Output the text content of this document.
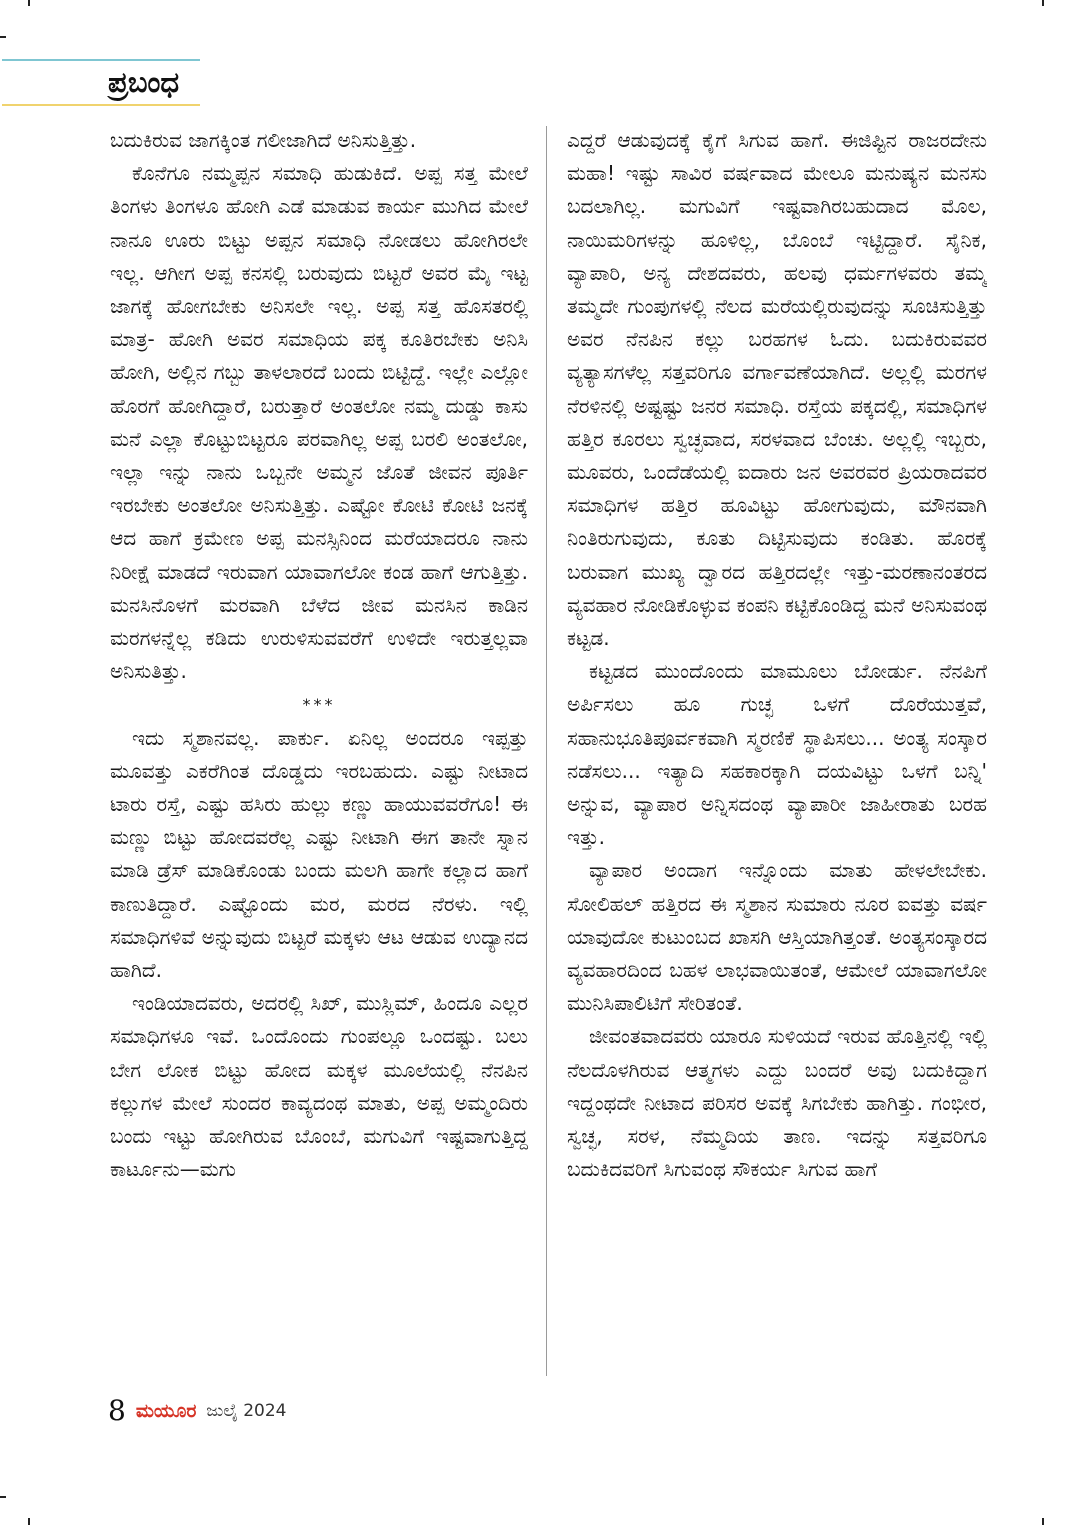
ಪ್ರಬಂಧ

ಬದುಕಿರುವ ಜಾಗಕ್ಕಿಂತ ಗಲೀಜಾಗಿದೆ ಅನಿಸುತ್ತಿತ್ತು.

ಕೊನೆಗೂ ನಮ್ಮಪ್ಪನ ಸಮಾಧಿ ಹುಡುಕಿದೆ. ಅಪ್ಪ ಸತ್ತ ಮೇಲೆ ತಿಂಗಳು ತಿಂಗಳೂ ಹೋಗಿ ಎಡೆ ಮಾಡುವ ಕಾರ್ಯ ಮುಗಿದ ಮೇಲೆ ನಾನೂ ಊರು ಬಿಟ್ಟು ಅಪ್ಪನ ಸಮಾಧಿ ನೋಡಲು ಹೋಗಿರಲೇ ಇಲ್ಲ. ಆಗೀಗ ಅಪ್ಪ ಕನಸಲ್ಲಿ ಬರುವುದು ಬಿಟ್ಟರೆ ಅವರ ಮೈ ಇಟ್ಟ ಜಾಗಕ್ಕೆ ಹೋಗಬೇಕು ಅನಿಸಲೇ ಇಲ್ಲ. ಅಪ್ಪ ಸತ್ತ ಹೊಸತರಲ್ಲಿ ಮಾತ್ರ- ಹೋಗಿ ಅವರ ಸಮಾಧಿಯ ಪಕ್ಕ ಕೂತಿರಬೇಕು ಅನಿಸಿ ಹೋಗಿ, ಅಲ್ಲಿನ ಗಬ್ಬು ತಾಳಲಾರದೆ ಬಂದು ಬಿಟ್ಟಿದ್ದೆ. ಇಲ್ಲೇ ಎಲ್ಲೋ ಹೊರಗೆ ಹೋಗಿದ್ದಾರೆ, ಬರುತ್ತಾರೆ ಅಂತಲೋ ನಮ್ಮ ದುಡ್ಡು ಕಾಸು ಮನೆ ಎಲ್ಲಾ ಕೊಟ್ಟುಬಿಟ್ಟರೂ ಪರವಾಗಿಲ್ಲ ಅಪ್ಪ ಬರಲಿ ಅಂತಲೋ, ಇಲ್ಲಾ ಇನ್ನು ನಾನು ಒಬ್ಬನೇ ಅಮ್ಮನ ಜೊತೆ ಜೀವನ ಪೂರ್ತಿ ಇರಬೇಕು ಅಂತಲೋ ಅನಿಸುತ್ತಿತ್ತು. ಎಷ್ಟೋ ಕೋಟಿ ಕೋಟಿ ಜನಕ್ಕೆ ಆದ ಹಾಗೆ ಕ್ರಮೇಣ ಅಪ್ಪ ಮನಸ್ಸಿನಿಂದ ಮರೆಯಾದರೂ ನಾನು ನಿರೀಕ್ಷೆ ಮಾಡದೆ ಇರುವಾಗ ಯಾವಾಗಲೋ ಕಂಡ ಹಾಗೆ ಆಗುತ್ತಿತ್ತು. ಮನಸಿನೊಳಗೆ ಮರವಾಗಿ ಬೆಳೆದ ಜೀವ ಮನಸಿನ ಕಾಡಿನ ಮರಗಳನ್ನೆಲ್ಲ ಕಡಿದು ಉರುಳಿಸುವವರೆಗೆ ಉಳಿದೇ ಇರುತ್ತಲ್ಲವಾ ಅನಿಸುತಿತ್ತು.

***

ಇದು ಸ್ಮಶಾನವಲ್ಲ. ಪಾರ್ಕು. ಏನಿಲ್ಲ ಅಂದರೂ ಇಪ್ಪತ್ತು ಮೂವತ್ತು ಎಕರೆಗಿಂತ ದೊಡ್ಡದು ಇರಬಹುದು. ಎಷ್ಟು ನೀಟಾದ ಟಾರು ರಸ್ತೆ, ಎಷ್ಟು ಹಸಿರು ಹುಲ್ಲು ಕಣ್ಣು ಹಾಯುವವರೆಗೂ! ಈ ಮಣ್ಣು ಬಿಟ್ಟು ಹೋದವರೆಲ್ಲ ಎಷ್ಟು ನೀಟಾಗಿ ಈಗ ತಾನೇ ಸ್ನಾನ ಮಾಡಿ ಡ್ರೆಸ್ ಮಾಡಿಕೊಂಡು ಬಂದು ಮಲಗಿ ಹಾಗೇ ಕಲ್ಲಾದ ಹಾಗೆ ಕಾಣುತಿದ್ದಾರೆ. ಎಷ್ಟೊಂದು ಮರ, ಮರದ ನೆರಳು. ಇಲ್ಲಿ ಸಮಾಧಿಗಳಿವೆ ಅನ್ನುವುದು ಬಿಟ್ಟರೆ ಮಕ್ಕಳು ಆಟ ಆಡುವ ಉದ್ಯಾನದ ಹಾಗಿದೆ.

ಇಂಡಿಯಾದವರು, ಅದರಲ್ಲಿ ಸಿಖ್, ಮುಸ್ಲಿಮ್, ಹಿಂದೂ ಎಲ್ಲರ ಸಮಾಧಿಗಳೂ ಇವೆ. ಒಂದೊಂದು ಗುಂಪಲ್ಲೂ ಒಂದಷ್ಟು. ಬಲು ಬೇಗ ಲೋಕ ಬಿಟ್ಟು ಹೋದ ಮಕ್ಕಳ ಮೂಲೆಯಲ್ಲಿ ನೆನಪಿನ ಕಲ್ಲುಗಳ ಮೇಲೆ ಸುಂದರ ಕಾವ್ಯದಂಥ ಮಾತು, ಅಪ್ಪ ಅಮ್ಮಂದಿರು ಬಂದು ಇಟ್ಟು ಹೋಗಿರುವ ಬೊಂಬೆ, ಮಗುವಿಗೆ ಇಷ್ಟವಾಗುತ್ತಿದ್ದ ಕಾರ್ಟೂನು—ಮಗು

ಎದ್ದರೆ ಆಡುವುದಕ್ಕೆ ಕೈಗೆ ಸಿಗುವ ಹಾಗೆ. ಈಜಿಪ್ಟಿನ ರಾಜರದೇನು ಮಹಾ! ಇಷ್ಟು ಸಾವಿರ ವರ್ಷವಾದ ಮೇಲೂ ಮನುಷ್ಯನ ಮನಸು ಬದಲಾಗಿಲ್ಲ. ಮಗುವಿಗೆ ಇಷ್ಟವಾಗಿರಬಹುದಾದ ಮೊಲ, ನಾಯಿಮರಿಗಳನ್ನು ಹೂಳಿಲ್ಲ, ಬೊಂಬೆ ಇಟ್ಟಿದ್ದಾರೆ. ಸೈನಿಕ, ವ್ಯಾಪಾರಿ, ಅನ್ಯ ದೇಶದವರು, ಹಲವು ಧರ್ಮಗಳವರು ತಮ್ಮ ತಮ್ಮದೇ ಗುಂಪುಗಳಲ್ಲಿ ನೆಲದ ಮರೆಯಲ್ಲಿರುವುದನ್ನು ಸೂಚಿಸುತ್ತಿತ್ತು ಅವರ ನೆನಪಿನ ಕಲ್ಲು ಬರಹಗಳ ಓದು. ಬದುಕಿರುವವರ ವ್ಯತ್ಯಾಸಗಳೆಲ್ಲ ಸತ್ತವರಿಗೂ ವರ್ಗಾವಣೆಯಾಗಿದೆ. ಅಲ್ಲಲ್ಲಿ ಮರಗಳ ನೆರಳಿನಲ್ಲಿ ಅಷ್ಟಷ್ಟು ಜನರ ಸಮಾಧಿ. ರಸ್ತೆಯ ಪಕ್ಕದಲ್ಲಿ, ಸಮಾಧಿಗಳ ಹತ್ತಿರ ಕೂರಲು ಸ್ವಚ್ಛವಾದ, ಸರಳವಾದ ಬೆಂಚು. ಅಲ್ಲಲ್ಲಿ ಇಬ್ಬರು, ಮೂವರು, ಒಂದೆಡೆಯಲ್ಲಿ ಐದಾರು ಜನ ಅವರವರ ಪ್ರಿಯರಾದವರ ಸಮಾಧಿಗಳ ಹತ್ತಿರ ಹೂವಿಟ್ಟು ಹೋಗುವುದು, ಮೌನವಾಗಿ ನಿಂತಿರುಗುವುದು, ಕೂತು ದಿಟ್ಟಿಸುವುದು ಕಂಡಿತು. ಹೊರಕ್ಕೆ ಬರುವಾಗ ಮುಖ್ಯ ದ್ವಾರದ ಹತ್ತಿರದಲ್ಲೇ ಇತ್ತು-ಮರಣಾನಂತರದ ವ್ಯವಹಾರ ನೋಡಿಕೊಳ್ಳುವ ಕಂಪನಿ ಕಟ್ಟಿಕೊಂಡಿದ್ದ ಮನೆ ಅನಿಸುವಂಥ ಕಟ್ಟಡ.

ಕಟ್ಟಡದ ಮುಂದೊಂದು ಮಾಮೂಲು ಬೋರ್ಡು. ನೆನಪಿಗೆ ಅರ್ಪಿಸಲು ಹೂ ಗುಚ್ಛ ಒಳಗೆ ದೊರೆಯುತ್ತವೆ, ಸಹಾನುಭೂತಿಪೂರ್ವಕವಾಗಿ ಸ್ಮರಣಿಕೆ ಸ್ಥಾಪಿಸಲು... ಅಂತ್ಯ ಸಂಸ್ಕಾರ ನಡೆಸಲು... ಇತ್ಯಾದಿ ಸಹಕಾರಕ್ಕಾಗಿ ದಯವಿಟ್ಟು ಒಳಗೆ ಬನ್ನಿ' ಅನ್ನುವ, ವ್ಯಾಪಾರ ಅನ್ನಿಸದಂಥ ವ್ಯಾಪಾರೀ ಜಾಹೀರಾತು ಬರಹ ಇತ್ತು.

ವ್ಯಾಪಾರ ಅಂದಾಗ ಇನ್ನೊಂದು ಮಾತು ಹೇಳಲೇಬೇಕು. ಸೋಲಿಹಲ್ ಹತ್ತಿರದ ಈ ಸ್ಮಶಾನ ಸುಮಾರು ನೂರ ಐವತ್ತು ವರ್ಷ ಯಾವುದೋ ಕುಟುಂಬದ ಖಾಸಗಿ ಆಸ್ತಿಯಾಗಿತ್ತಂತೆ. ಅಂತ್ಯಸಂಸ್ಕಾರದ ವ್ಯವಹಾರದಿಂದ ಬಹಳ ಲಾಭವಾಯಿತಂತೆ, ಆಮೇಲೆ ಯಾವಾಗಲೋ ಮುನಿಸಿಪಾಲಿಟಿಗೆ ಸೇರಿತಂತೆ.

ಜೀವಂತವಾದವರು ಯಾರೂ ಸುಳಿಯದೆ ಇರುವ ಹೊತ್ತಿನಲ್ಲಿ ಇಲ್ಲಿ ನೆಲದೊಳಗಿರುವ ಆತ್ಮಗಳು ಎದ್ದು ಬಂದರೆ ಅವು ಬದುಕಿದ್ದಾಗ ಇದ್ದಂಥದೇ ನೀಟಾದ ಪರಿಸರ ಅವಕ್ಕೆ ಸಿಗಬೇಕು ಹಾಗಿತ್ತು. ಗಂಭೀರ, ಸ್ವಚ್ಛ, ಸರಳ, ನೆಮ್ಮದಿಯ ತಾಣ. ಇದನ್ನು ಸತ್ತವರಿಗೂ ಬದುಕಿದವರಿಗೆ ಸಿಗುವಂಥ ಸೌಕರ್ಯ ಸಿಗುವ ಹಾಗೆ

8 ಮಯೂರ ಜುಲೈ 2024
